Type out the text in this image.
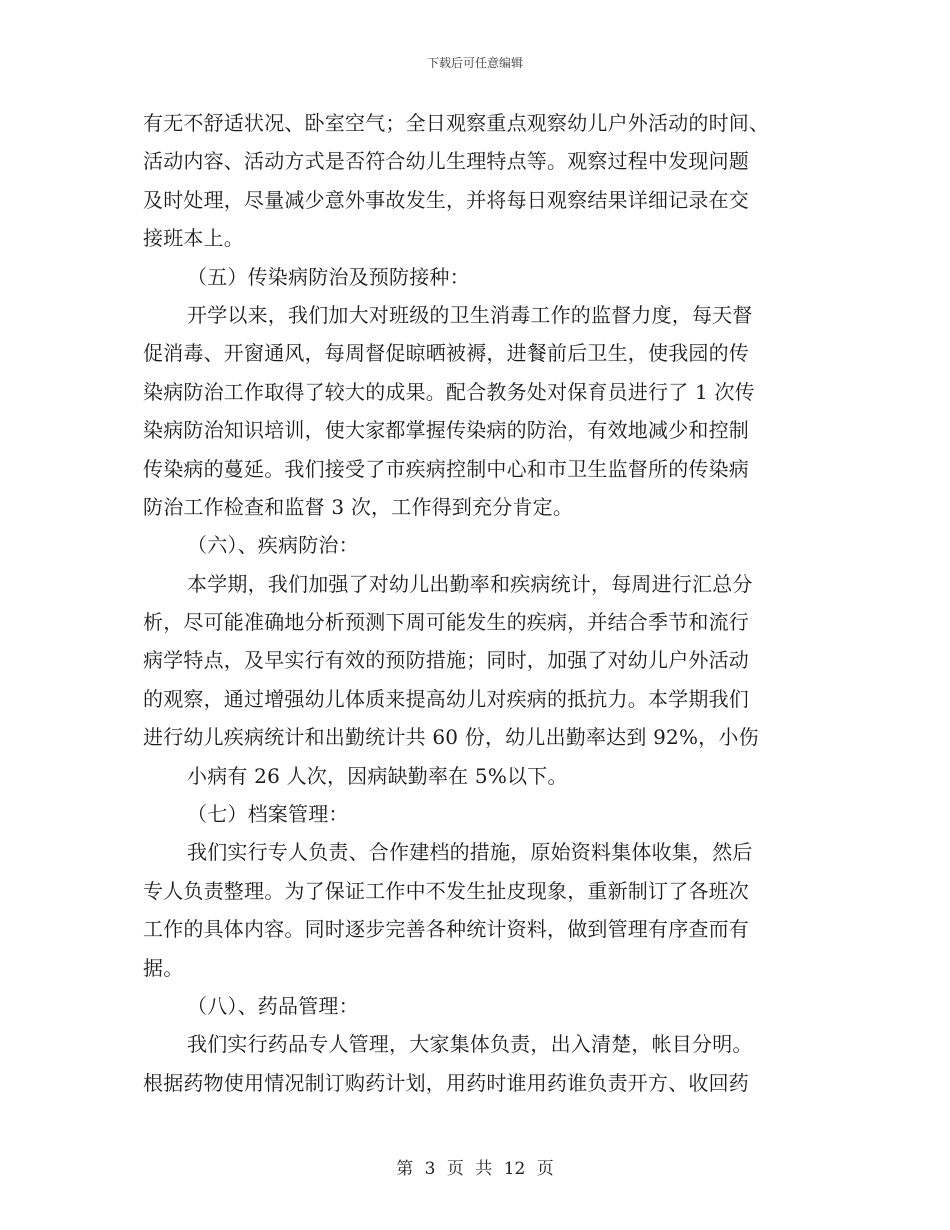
下载后可任意编辑
有无不舒适状况、卧室空气；全日观察重点观察幼儿户外活动的时间、
活动内容、活动方式是否符合幼儿生理特点等。观察过程中发现问题
及时处理，尽量减少意外事故发生，并将每日观察结果详细记录在交
接班本上。
（五）传染病防治及预防接种：
开学以来，我们加大对班级的卫生消毒工作的监督力度，每天督
促消毒、开窗通风，每周督促晾晒被褥，进餐前后卫生，使我园的传
染病防治工作取得了较大的成果。配合教务处对保育员进行了 1 次传
染病防治知识培训，使大家都掌握传染病的防治，有效地减少和控制
传染病的蔓延。我们接受了市疾病控制中心和市卫生监督所的传染病
防治工作检查和监督 3 次，工作得到充分肯定。
（六）、疾病防治：
本学期，我们加强了对幼儿出勤率和疾病统计，每周进行汇总分
析，尽可能准确地分析预测下周可能发生的疾病，并结合季节和流行
病学特点，及早实行有效的预防措施；同时，加强了对幼儿户外活动
的观察，通过增强幼儿体质来提高幼儿对疾病的抵抗力。本学期我们
进行幼儿疾病统计和出勤统计共 60 份，幼儿出勤率达到 92%，小伤
小病有 26 人次，因病缺勤率在 5%以下。
（七）档案管理：
我们实行专人负责、合作建档的措施，原始资料集体收集，然后
专人负责整理。为了保证工作中不发生扯皮现象，重新制订了各班次
工作的具体内容。同时逐步完善各种统计资料，做到管理有序查而有
据。
（八）、药品管理：
我们实行药品专人管理，大家集体负责，出入清楚，帐目分明。
根据药物使用情况制订购药计划，用药时谁用药谁负责开方、收回药
第 3 页 共 12 页
